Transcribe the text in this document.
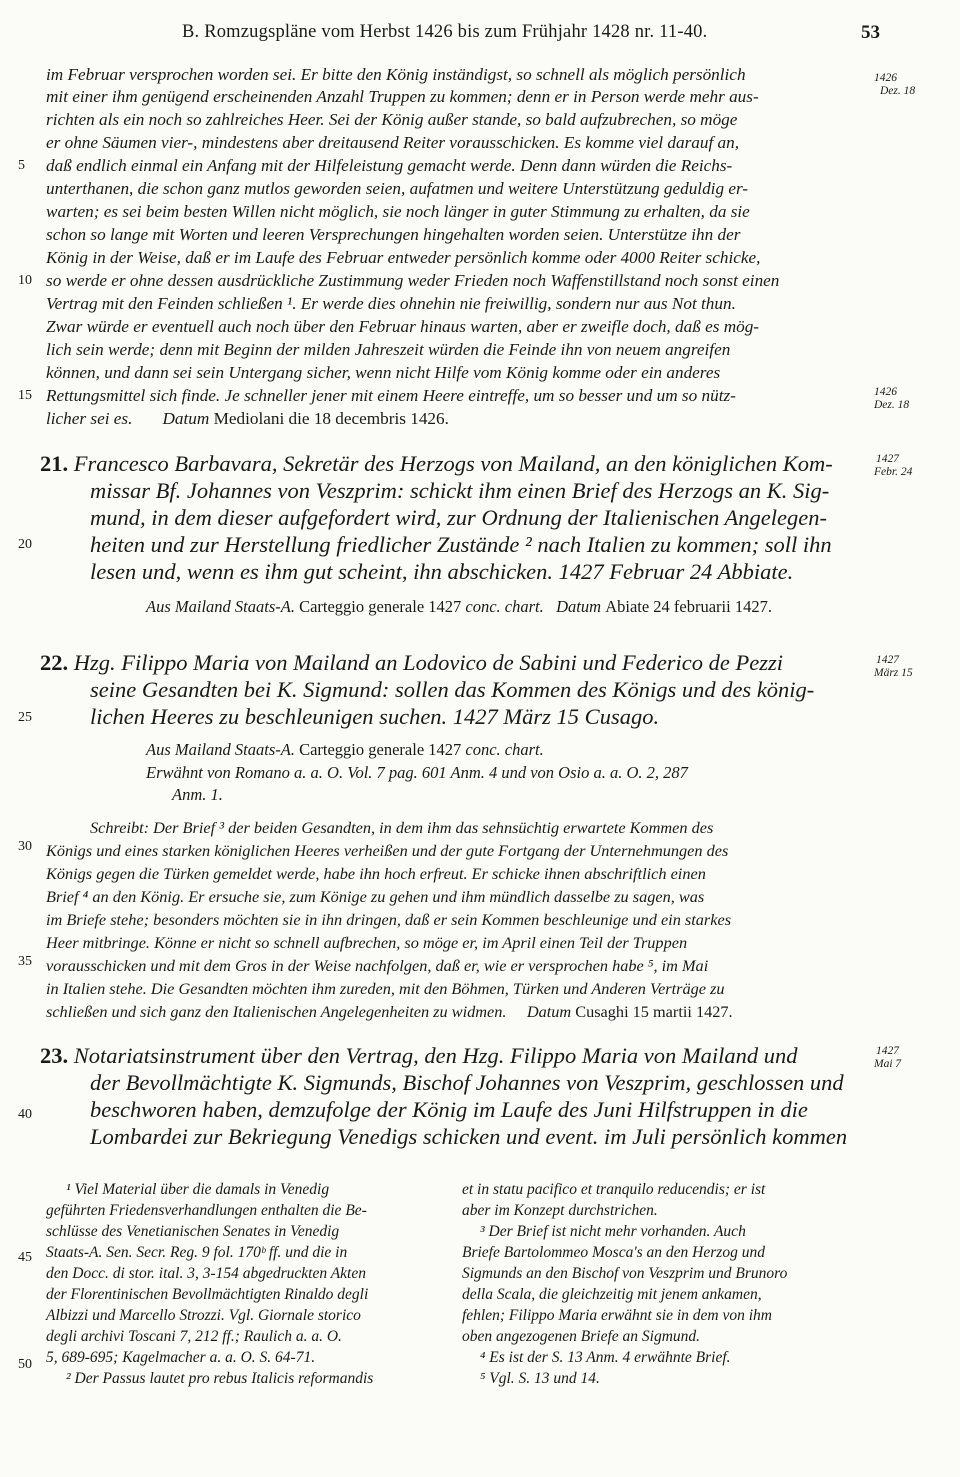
B. Romzugspläne vom Herbst 1426 bis zum Frühjahr 1428 nr. 11-40.	53
im Februar versprochen worden sei. Er bitte den König inständigst, so schnell als möglich persönlich
mit einer ihm genügend erscheinenden Anzahl Truppen zu kommen; denn er in Person werde mehr aus-
richten als ein noch so zahlreiches Heer. Sei der König außer stande, so bald aufzubrechen, so möge
er ohne Säumen vier-, mindestens aber dreitausend Reiter vorausschicken. Es komme viel darauf an,
daß endlich einmal ein Anfang mit der Hilfeleistung gemacht werde. Denn dann würden die Reichs-
unterthanen, die schon ganz mutlos geworden seien, aufatmen und weitere Unterstützung geduldig er-
warten; es sei beim besten Willen nicht möglich, sie noch länger in guter Stimmung zu erhalten, da sie
schon so lange mit Worten und leeren Versprechungen hingehalten worden seien. Unterstütze ihn der
König in der Weise, daß er im Laufe des Februar entweder persönlich komme oder 4000 Reiter schicke,
so werde er ohne dessen ausdrückliche Zustimmung weder Frieden noch Waffenstillstand noch sonst einen
Vertrag mit den Feinden schließen ¹. Er werde dies ohnehin nie freiwillig, sondern nur aus Not thun.
Zwar würde er eventuell auch noch über den Februar hinaus warten, aber er zweifle doch, daß es mög-
lich sein werde; denn mit Beginn der milden Jahreszeit würden die Feinde ihn von neuem angreifen
können, und dann sei sein Untergang sicher, wenn nicht Hilfe vom König komme oder ein anderes
Rettungsmittel sich finde. Je schneller jener mit einem Heere eintreffe, um so besser und um so nütz-
licher sei es. Datum Mediolani die 18 decembris 1426.
5
10
15
20
25
30
35
40
45
50
1426
Dez. 18
1426
Dez. 18
1427
Febr. 24
1427
März 15
1427
Mai 7
21. Francesco Barbavara, Sekretär des Herzogs von Mailand, an den königlichen Kom-
missar Bf. Johannes von Veszprim: schickt ihm einen Brief des Herzogs an K. Sig-
mund, in dem dieser aufgefordert wird, zur Ordnung der Italienischen Angelegen-
heiten und zur Herstellung friedlicher Zustände ² nach Italien zu kommen; soll ihn
lesen und, wenn es ihm gut scheint, ihn abschicken. 1427 Februar 24 Abbiate.
Aus Mailand Staats-A. Carteggio generale 1427 conc. chart. Datum Abiate 24 februarii 1427.
22. Hzg. Filippo Maria von Mailand an Lodovico de Sabini und Federico de Pezzi
seine Gesandten bei K. Sigmund: sollen das Kommen des Königs und des könig-
lichen Heeres zu beschleunigen suchen. 1427 März 15 Cusago.
Aus Mailand Staats-A. Carteggio generale 1427 conc. chart.
Erwähnt von Romano a. a. O. Vol. 7 pag. 601 Anm. 4 und von Osio a. a. O. 2, 287
Anm. 1.
Schreibt: Der Brief ³ der beiden Gesandten, in dem ihm das sehnsüchtig erwartete Kommen des
Königs und eines starken königlichen Heeres verheißen und der gute Fortgang der Unternehmungen des
Königs gegen die Türken gemeldet werde, habe ihn hoch erfreut. Er schicke ihnen abschriftlich einen
Brief ⁴ an den König. Er ersuche sie, zum Könige zu gehen und ihm mündlich dasselbe zu sagen, was
im Briefe stehe; besonders möchten sie in ihn dringen, daß er sein Kommen beschleunige und ein starkes
Heer mitbringe. Könne er nicht so schnell aufbrechen, so möge er, im April einen Teil der Truppen
vorausschicken und mit dem Gros in der Weise nachfolgen, daß er, wie er versprochen habe ⁵, im Mai
in Italien stehe. Die Gesandten möchten ihm zureden, mit den Böhmen, Türken und Anderen Verträge zu
schließen und sich ganz den Italienischen Angelegenheiten zu widmen. Datum Cusaghi 15 martii 1427.
23. Notariatsinstrument über den Vertrag, den Hzg. Filippo Maria von Mailand und
der Bevollmächtigte K. Sigmunds, Bischof Johannes von Veszprim, geschlossen und
beschworen haben, demzufolge der König im Laufe des Juni Hilfstruppen in die
Lombardei zur Bekriegung Venedigs schicken und event. im Juli persönlich kommen
¹ Viel Material über die damals in Venedig
geführten Friedensverhandlungen enthalten die Be-
schlüsse des Venetianischen Senates in Venedig
Staats-A. Sen. Secr. Reg. 9 fol. 170ᵇ ff. und die in
den Docc. di stor. ital. 3, 3-154 abgedruckten Akten
der Florentinischen Bevollmächtigten Rinaldo degli
Albizzi und Marcello Strozzi. Vgl. Giornale storico
degli archivi Toscani 7, 212 ff.; Raulich a. a. O.
5, 689-695; Kagelmacher a. a. O. S. 64-71.
² Der Passus lautet pro rebus Italicis reformandis
et in statu pacifico et tranquilo reducendis; er ist
aber im Konzept durchstrichen.
³ Der Brief ist nicht mehr vorhanden. Auch
Briefe Bartolommeo Mosca's an den Herzog und
Sigmunds an den Bischof von Veszprim und Brunoro
della Scala, die gleichzeitig mit jenem ankamen,
fehlen; Filippo Maria erwähnt sie in dem von ihm
oben angezogenen Briefe an Sigmund.
⁴ Es ist der S. 13 Anm. 4 erwähnte Brief.
⁵ Vgl. S. 13 und 14.
